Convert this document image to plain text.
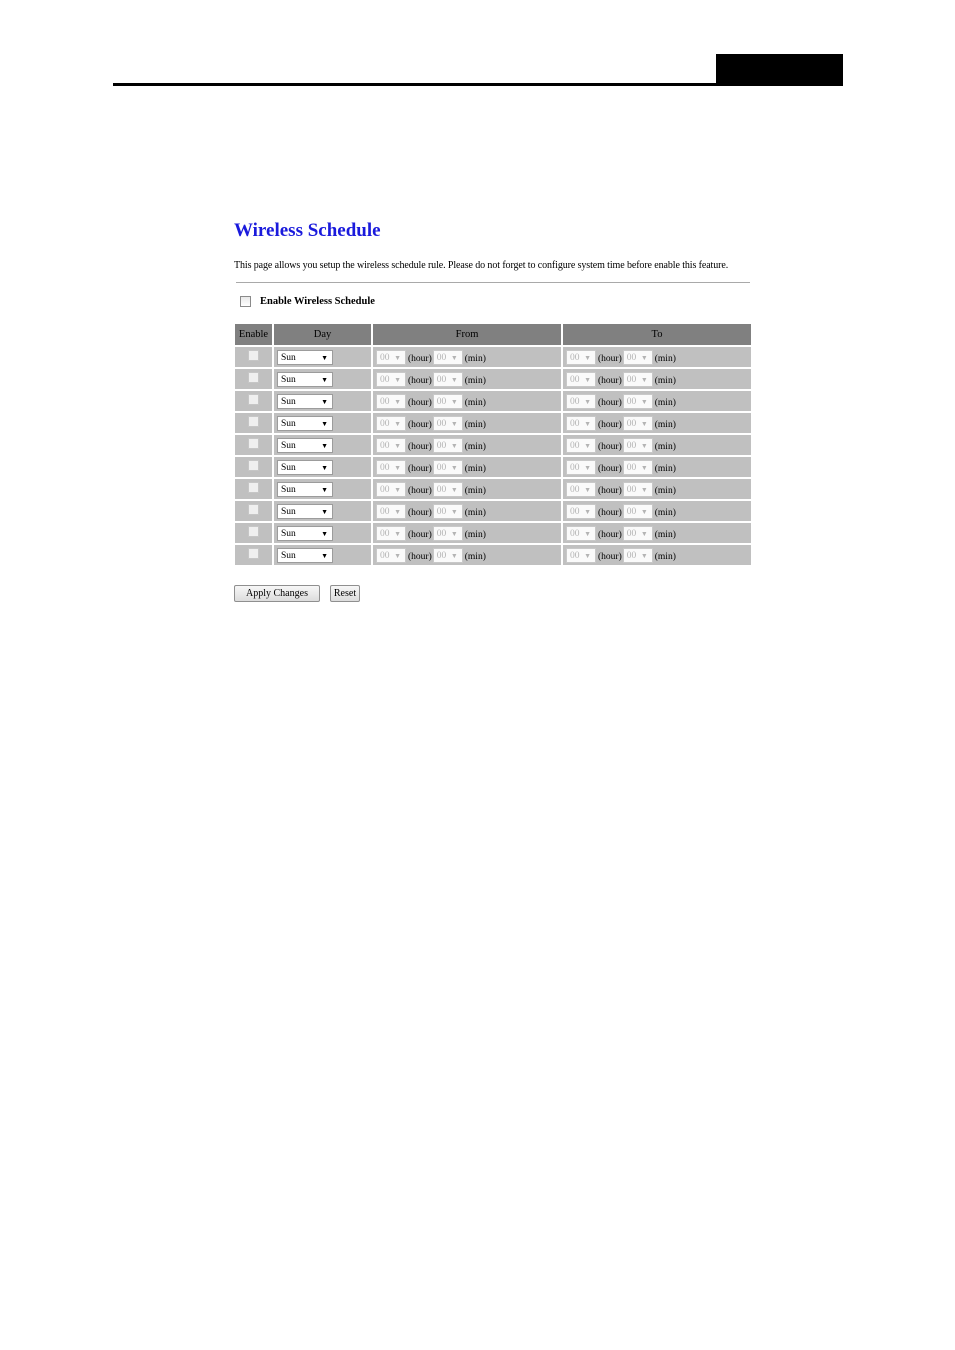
Wireless Schedule
This page allows you setup the wireless schedule rule. Please do not forget to configure system time before enable this feature.
Enable Wireless Schedule
Enable	Day	From	To
	Sun ▼	00 ▼ (hour) 00 ▼ (min)	00 ▼ (hour) 00 ▼ (min)
	Sun ▼	00 ▼ (hour) 00 ▼ (min)	00 ▼ (hour) 00 ▼ (min)
	Sun ▼	00 ▼ (hour) 00 ▼ (min)	00 ▼ (hour) 00 ▼ (min)
	Sun ▼	00 ▼ (hour) 00 ▼ (min)	00 ▼ (hour) 00 ▼ (min)
	Sun ▼	00 ▼ (hour) 00 ▼ (min)	00 ▼ (hour) 00 ▼ (min)
	Sun ▼	00 ▼ (hour) 00 ▼ (min)	00 ▼ (hour) 00 ▼ (min)
	Sun ▼	00 ▼ (hour) 00 ▼ (min)	00 ▼ (hour) 00 ▼ (min)
	Sun ▼	00 ▼ (hour) 00 ▼ (min)	00 ▼ (hour) 00 ▼ (min)
	Sun ▼	00 ▼ (hour) 00 ▼ (min)	00 ▼ (hour) 00 ▼ (min)
	Sun ▼	00 ▼ (hour) 00 ▼ (min)	00 ▼ (hour) 00 ▼ (min)
Apply Changes	Reset
